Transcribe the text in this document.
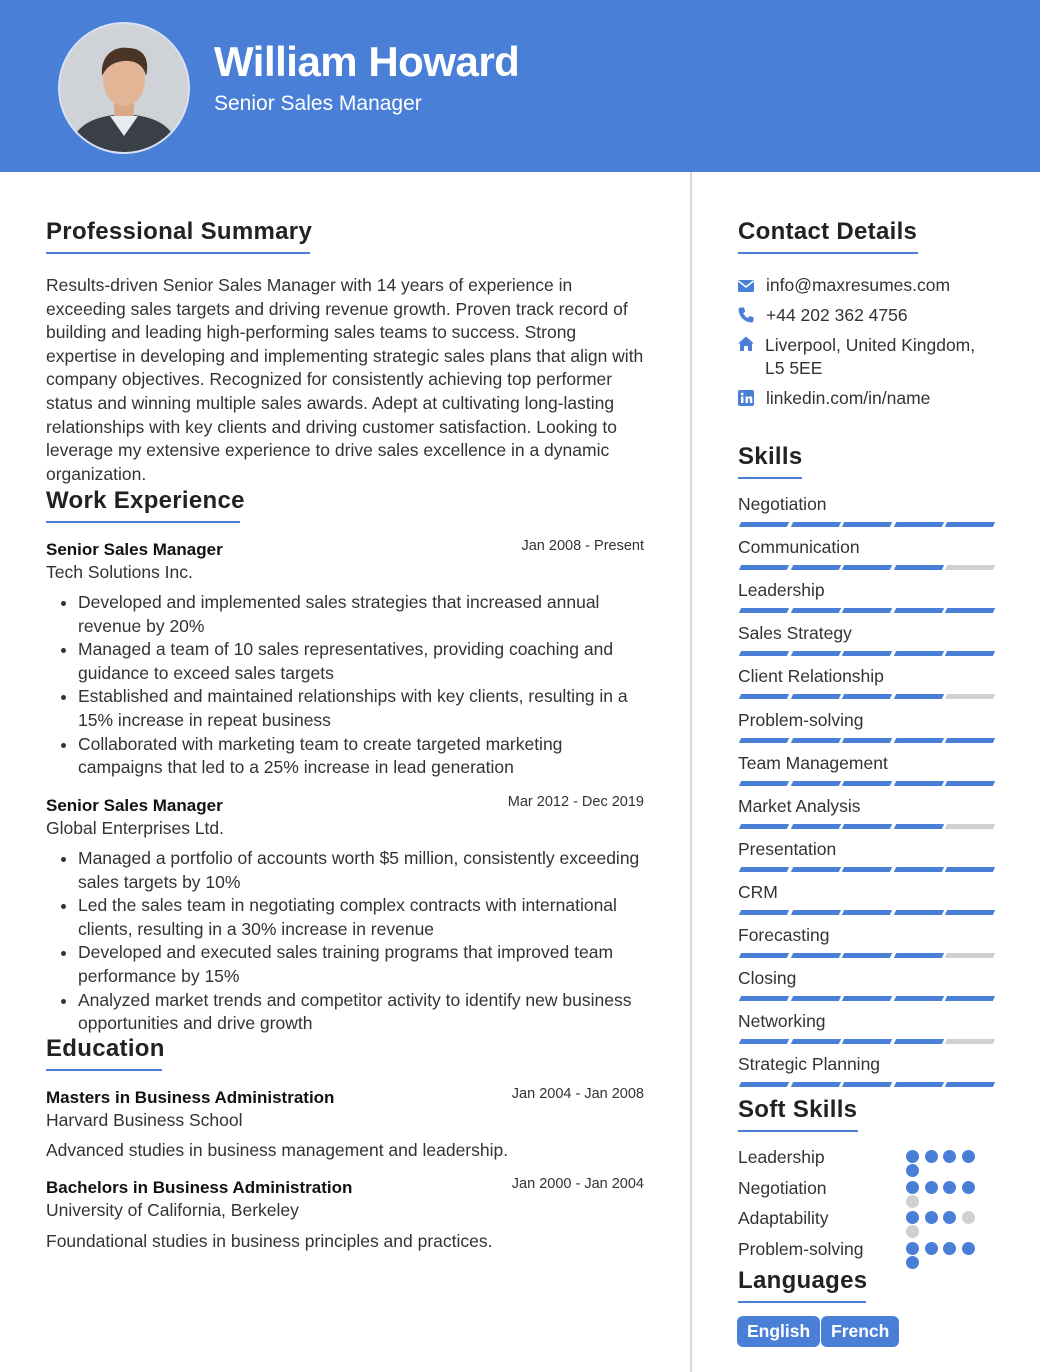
William Howard
Senior Sales Manager
Professional Summary
Results-driven Senior Sales Manager with 14 years of experience in exceeding sales targets and driving revenue growth. Proven track record of building and leading high-performing sales teams to success. Strong expertise in developing and implementing strategic sales plans that align with company objectives. Recognized for consistently achieving top performer status and winning multiple sales awards. Adept at cultivating long-lasting relationships with key clients and driving customer satisfaction. Looking to leverage my extensive experience to drive sales excellence in a dynamic organization.
Work Experience
Senior Sales Manager	Jan 2008 - Present
Tech Solutions Inc.
• Developed and implemented sales strategies that increased annual revenue by 20%
• Managed a team of 10 sales representatives, providing coaching and guidance to exceed sales targets
• Established and maintained relationships with key clients, resulting in a 15% increase in repeat business
• Collaborated with marketing team to create targeted marketing campaigns that led to a 25% increase in lead generation
Senior Sales Manager	Mar 2012 - Dec 2019
Global Enterprises Ltd.
• Managed a portfolio of accounts worth $5 million, consistently exceeding sales targets by 10%
• Led the sales team in negotiating complex contracts with international clients, resulting in a 30% increase in revenue
• Developed and executed sales training programs that improved team performance by 15%
• Analyzed market trends and competitor activity to identify new business opportunities and drive growth
Education
Masters in Business Administration	Jan 2004 - Jan 2008
Harvard Business School
Advanced studies in business management and leadership.
Bachelors in Business Administration	Jan 2000 - Jan 2004
University of California, Berkeley
Foundational studies in business principles and practices.
Contact Details
info@maxresumes.com
+44 202 362 4756
Liverpool, United Kingdom,
L5 5EE
linkedin.com/in/name
Skills
Negotiation
Communication
Leadership
Sales Strategy
Client Relationship
Problem-solving
Team Management
Market Analysis
Presentation
CRM
Forecasting
Closing
Networking
Strategic Planning
Soft Skills
Leadership
Negotiation
Adaptability
Problem-solving
Languages
English	French
